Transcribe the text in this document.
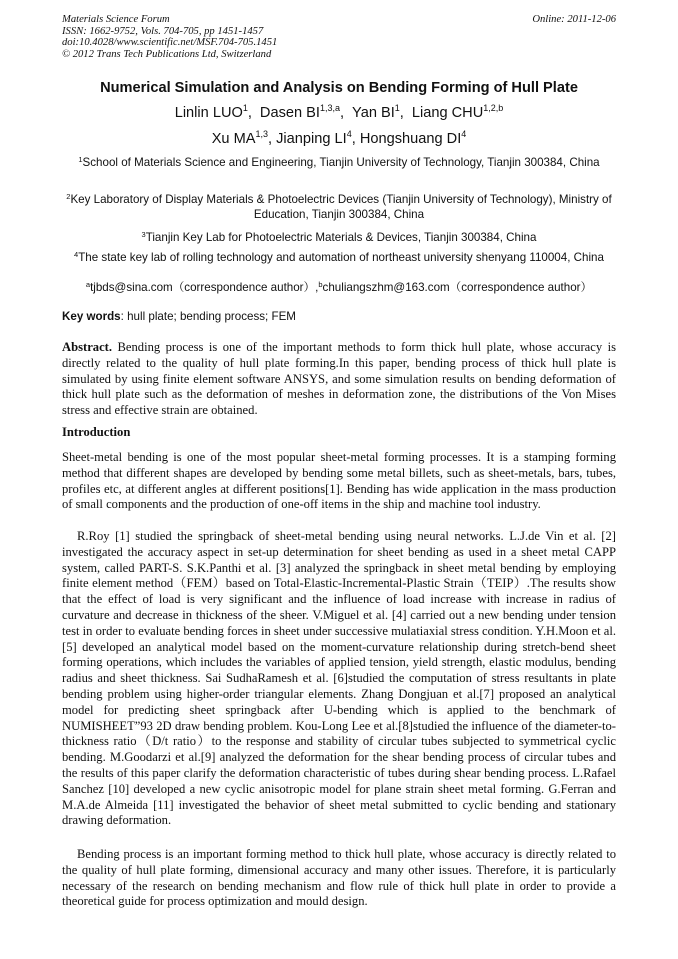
Materials Science Forum
ISSN: 1662-9752, Vols. 704-705, pp 1451-1457
doi:10.4028/www.scientific.net/MSF.704-705.1451
© 2012 Trans Tech Publications Ltd, Switzerland
Online: 2011-12-06
Numerical Simulation and Analysis on Bending Forming of Hull Plate
Linlin LUO$^1$, Dasen BI$^{1,3,a}$, Yan $BI^1$, Liang CHU$^{1,2,b}$
Xu MA$^{1,3}$, Jianping $LI^4$, Hongshuang $DI^4$
$^1$School of Materials Science and Engineering, Tianjin University of Technology, Tianjin 300384, China
$^2$Key Laboratory of Display Materials & Photoelectric Devices (Tianjin University of Technology), Ministry of Education, Tianjin 300384, China
$^3$Tianjin Key Lab for Photoelectric Materials & Devices, Tianjin 300384, China
$^4$The state key lab of rolling technology and automation of northeast university shenyang 110004, China
$^a$tjbds@sina.com（correspondence author）,$^b$chuliangszhm@163.com（correspondence author）
Key words: hull plate; bending process; FEM
Abstract. Bending process is one of the important methods to form thick hull plate, whose accuracy is directly related to the quality of hull plate forming.In this paper, bending process of thick hull plate is simulated by using finite element software ANSYS, and some simulation results on bending deformation of thick hull plate such as the deformation of meshes in deformation zone, the distributions of the Von Mises stress and effective strain are obtained.
Introduction

Sheet-metal bending is one of the most popular sheet-metal forming processes. It is a stamping forming method that different shapes are developed by bending some metal billets, such as sheet-metals, bars, tubes, profiles etc, at different angles at different positions[1]. Bending has wide application in the mass production of small components and the production of one-off items in the ship and machine tool industry.

R.Roy [1] studied the springback of sheet-metal bending using neural networks. L.J.de Vin et al. [2] investigated the accuracy aspect in set-up determination for sheet bending as used in a sheet metal CAPP system, called PART-S. S.K.Panthi et al. [3] analyzed the springback in sheet metal bending by employing finite element method（FEM）based on Total-Elastic-Incremental-Plastic Strain（TEIP）.The results show that the effect of load is very significant and the influence of load increase with increase in radius of curvature and decrease in thickness of the sheer. V.Miguel et al. [4] carried out a new bending under tension test in order to evaluate bending forces in sheet under successive mulatiaxial stress condition. Y.H.Moon et al.[5] developed an analytical model based on the moment-curvature relationship during stretch-bend sheet forming operations, which includes the variables of applied tension, yield strength, elastic modulus, bending radius and sheet thickness. Sai SudhaRamesh et al. [6]studied the computation of stress resultants in plate bending problem using higher-order triangular elements. Zhang Dongjuan et al.[7] proposed an analytical model for predicting sheet springback after U-bending which is applied to the benchmark of NUMISHEET”93 2D draw bending problem. Kou-Long Lee et al.[8]studied the influence of the diameter-to-thickness ratio（D/t ratio）to the response and stability of circular tubes subjected to symmetrical cyclic bending. M.Goodarzi et al.[9] analyzed the deformation for the shear bending process of circular tubes and the results of this paper clarify the deformation characteristic of tubes during shear bending process. L.Rafael Sanchez [10] developed a new cyclic anisotropic model for plane strain sheet metal forming. G.Ferran and M.A.de Almeida [11] investigated the behavior of sheet metal submitted to cyclic bending and stationary drawing deformation.

Bending process is an important forming method to thick hull plate, whose accuracy is directly related to the quality of hull plate forming, dimensional accuracy and many other issues. Therefore, it is particularly necessary of the research on bending mechanism and flow rule of thick hull plate in order to provide a theoretical guide for process optimization and mould design.
